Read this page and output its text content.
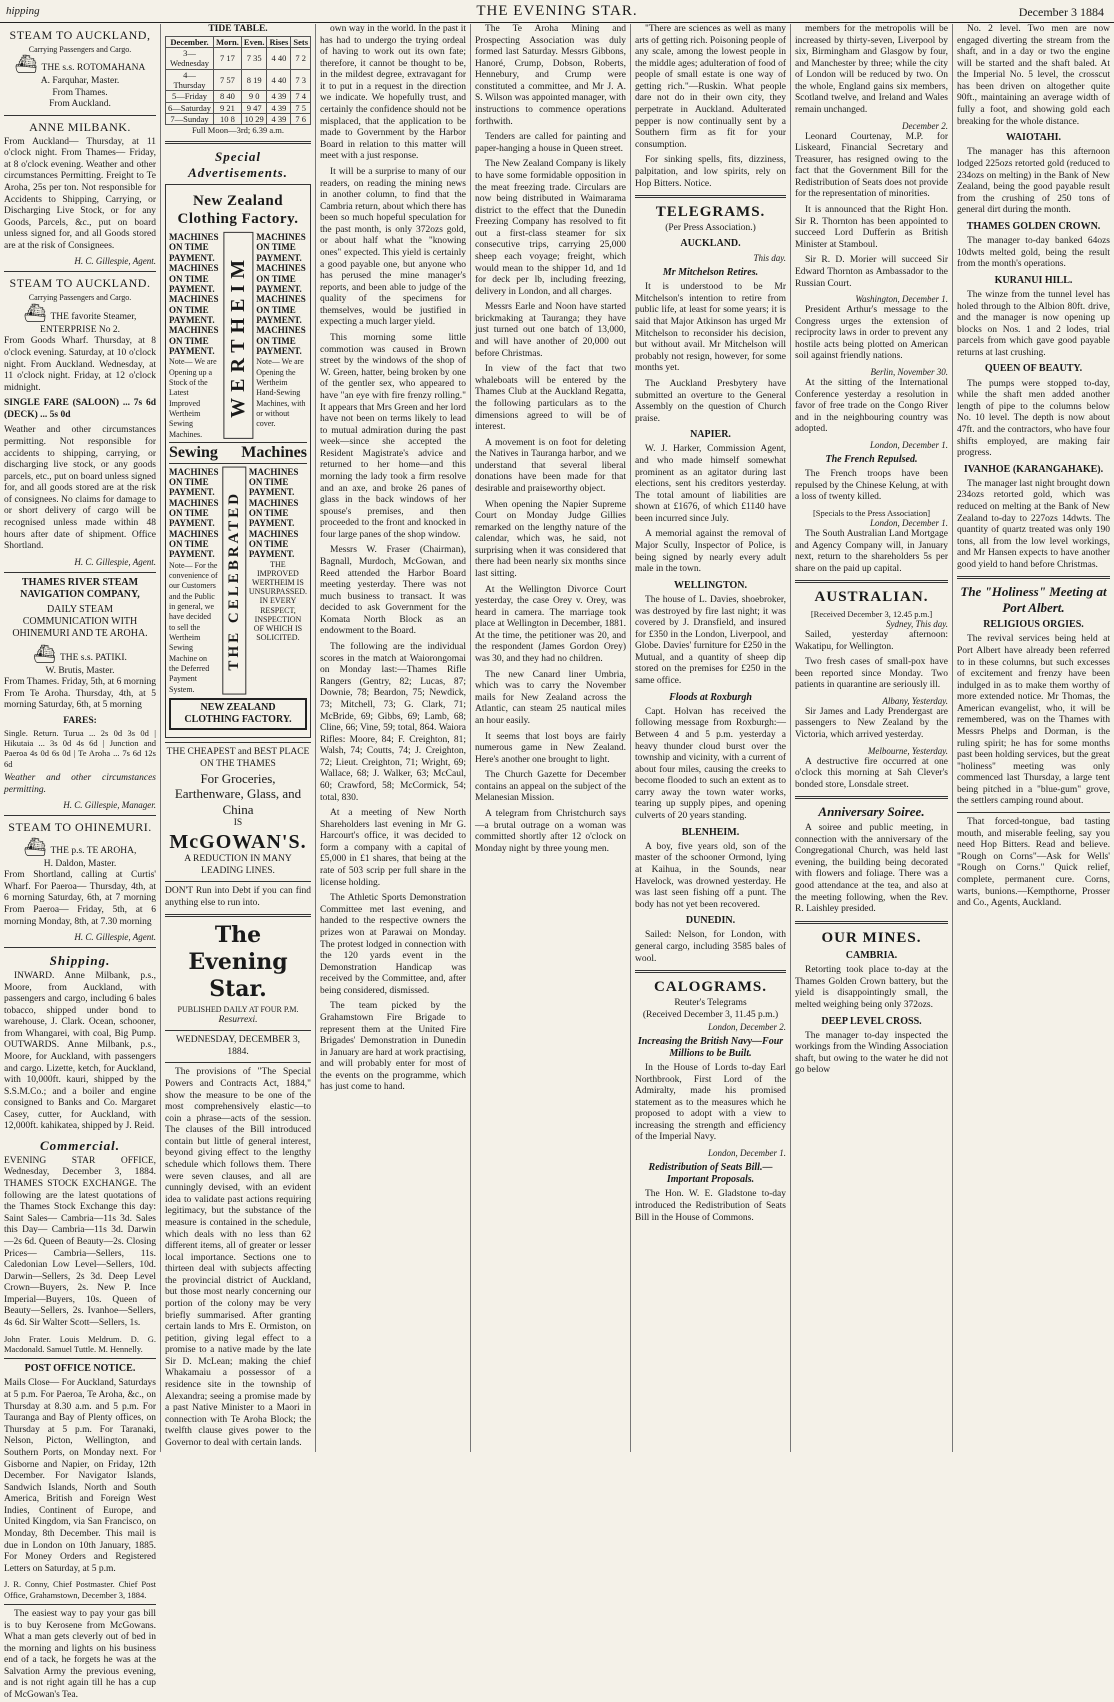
hipping	THE EVENING STAR.	December 3 1884
STEAM TO AUCKLAND,
Carrying Passengers and Cargo.
⛴ THE s.s. ROTOMAHANA
A. Farquhar, Master.
From Thames.
From Auckland.
ANNE MILBANK.

From Auckland— Thursday, at 11 o'clock night. From Thames— Friday, at 8 o'clock evening. Weather and other circumstances Permitting. Freight to Te Aroha, 25s per ton. Not responsible for Accidents to Shipping, Carrying, or Discharging Live Stock, or for any Goods, Parcels, &c., put on board unless signed for, and all Goods stored are at the risk of Consignees.

H. C. Gillespie, Agent.
STEAM TO AUCKLAND.
Carrying Passengers and Cargo.
⛴ THE favorite Steamer, ENTERPRISE No 2.

From Goods Wharf. Thursday, at 8 o'clock evening. Saturday, at 10 o'clock night. From Auckland. Wednesday, at 11 o'clock night. Friday, at 12 o'clock midnight.

SINGLE FARE (SALOON) ... 7s 6d (DECK) ... 5s 0d

Weather and other circumstances permitting. Not responsible for accidents to shipping, carrying, or discharging live stock, or any goods parcels, etc., put on board unless signed for, and all goods stored are at the risk of consignees. No claims for damage to or short delivery of cargo will be recognised unless made within 48 hours after date of shipment. Office Shortland.

H. C. Gillespie, Agent.
THAMES RIVER STEAM NAVIGATION COMPANY,
DAILY STEAM COMMUNICATION WITH OHINEMURI AND TE AROHA.
⛴ THE s.s. PATIKI.
W. Brutis, Master.

From Thames. Friday, 5th, at 6 morning From Te Aroha. Thursday, 4th, at 5 morning Saturday, 6th, at 5 morning

FARES:

Single. Return. Turua ... 2s 0d 3s 0d | Hikutaia ... 3s 0d 4s 6d | Junction and Paeroa 4s 0d 6s 0d | Te Aroha ... 7s 6d 12s 6d

Weather and other circumstances permitting.

H. C. Gillespie, Manager.
STEAM TO OHINEMURI.
⛴ THE p.s. TE AROHA,
H. Daldon, Master.

From Shortland, calling at Curtis' Wharf. For Paeroa— Thursday, 4th, at 6 morning Saturday, 6th, at 7 morning From Paeroa— Friday, 5th, at 6 morning Monday, 8th, at 7.30 morning

H. C. Gillespie, Agent.
Shipping.

INWARD. Anne Milbank, p.s., Moore, from Auckland, with passengers and cargo, including 6 bales tobacco, shipped under bond to warehouse, J. Clark. Ocean, schooner, from Whangarei, with coal, Big Pump. OUTWARDS. Anne Milbank, p.s., Moore, for Auckland, with passengers and cargo. Lizette, ketch, for Auckland, with 10,000ft. kauri, shipped by the S.S.M.Co.; and a boiler and engine consigned to Banks and Co. Margaret Casey, cutter, for Auckland, with 12,000ft. kahikatea, shipped by J. Reid.

Commercial.

EVENING STAR OFFICE, Wednesday, December 3, 1884. THAMES STOCK EXCHANGE. The following are the latest quotations of the Thames Stock Exchange this day: Saint Sales— Cambria—11s 3d. Sales this Day— Cambria—11s 3d. Darwin—2s 6d. Queen of Beauty—2s. Closing Prices— Cambria—Sellers, 11s. Caledonian Low Level—Sellers, 10d. Darwin—Sellers, 2s 3d. Deep Level Crown—Buyers, 2s. New P. Ince Imperial—Buyers, 10s. Queen of Beauty—Sellers, 2s. Ivanhoe—Sellers, 4s 6d. Sir Walter Scott—Sellers, 1s.

John Frater. Louis Meldrum. D. G. Macdonald. Samuel Tuttle. M. Hennelly.

POST OFFICE NOTICE.

Mails Close— For Auckland, Saturdays at 5 p.m. For Paeroa, Te Aroha, &c., on Thursday at 8.30 a.m. and 5 p.m. For Tauranga and Bay of Plenty offices, on Thursday at 5 p.m. For Taranaki, Nelson, Picton, Wellington, and Southern Ports, on Monday next. For Gisborne and Napier, on Friday, 12th December. For Navigator Islands, Sandwich Islands, North and South America, British and Foreign West Indies, Continent of Europe, and United Kingdom, via San Francisco, on Monday, 8th December. This mail is due in London on 10th January, 1885. For Money Orders and Registered Letters on Saturday, at 5 p.m.

J. R. Conny, Chief Postmaster. Chief Post Office, Grahamstown, December 3, 1884.

The easiest way to pay your gas bill is to buy Kerosene from McGowans. What a man gets cleverly out of bed in the morning and lights on his business end of a tack, he forgets he was at the Salvation Army the previous evening, and is not right again till he has a cup of McGowan's Tea.

TIDE TABLE.
December.	Morn.	Even.	Rises	Sets
3—Wednesday	7 17	7 35	4 40	7 2
4—Thursday	7 57	8 19	4 40	7 3
5—Friday	8 40	9 0	4 39	7 4
6—Saturday	9 21	9 47	4 39	7 5
7—Sunday	10 8	10 29	4 39	7 6
Full Moon—3rd; 6.39 a.m.
Special Advertisements.
New Zealand Clothing Factory.
MACHINES ON TIME PAYMENT.
MACHINES ON TIME PAYMENT.
MACHINES ON TIME PAYMENT.
MACHINES ON TIME PAYMENT.
Note— We are Opening up a Stock of the Latest Improved Wertheim Sewing Machines.
WERTHEIM
MACHINES ON TIME PAYMENT.
MACHINES ON TIME PAYMENT.
MACHINES ON TIME PAYMENT.
MACHINES ON TIME PAYMENT.
Note— We are Opening the Wertheim Hand-Sewing Machines, with or without cover.
Sewing Machines
MACHINES ON TIME PAYMENT.
MACHINES ON TIME PAYMENT.
MACHINES ON TIME PAYMENT.
Note— For the convenience of our Customers and the Public in general, we have decided to sell the Wertheim Sewing Machine on the Deferred Payment System.
THE CELEBRATED
MACHINES ON TIME PAYMENT.
MACHINES ON TIME PAYMENT.
MACHINES ON TIME PAYMENT.
THE IMPROVED WERTHEIM IS UNSURPASSED. IN EVERY RESPECT, INSPECTION OF WHICH IS SOLICITED.
NEW ZEALAND CLOTHING FACTORY.
THE CHEAPEST and BEST PLACE ON THE THAMES
For Groceries, Earthenware, Glass, and China
IS
McGOWAN'S.
A REDUCTION IN MANY LEADING LINES.

DON'T Run into Debt if you can find anything else to run into.

The Evening Star.
PUBLISHED DAILY AT FOUR P.M.
Resurrexi.
WEDNESDAY, DECEMBER 3, 1884.

The provisions of "The Special Powers and Contracts Act, 1884," show the measure to be one of the most comprehensively elastic—to coin a phrase—acts of the session. The clauses of the Bill introduced contain but little of general interest, beyond giving effect to the lengthy schedule which follows them. There were seven clauses, and all are cunningly devised, with an evident idea to validate past actions requiring legitimacy, but the substance of the measure is contained in the schedule, which deals with no less than 62 different items, all of greater or lesser local importance. Sections one to thirteen deal with subjects affecting the provincial district of Auckland, but those most nearly concerning our portion of the colony may be very briefly summarised. After granting certain lands to Mrs E. Ormiston, on petition, giving legal effect to a promise to a native made by the late Sir D. McLean; making the chief Whakamaiu a possessor of a residence site in the township of Alexandra; seeing a promise made by a past Native Minister to a Maori in connection with Te Aroha Block; the twelfth clause gives power to the Governor to deal with certain lands.

own way in the world. In the past it has had to undergo the trying ordeal of having to work out its own fate; therefore, it cannot be thought to be, in the mildest degree, extravagant for it to put in a request in the direction we indicate. We hopefully trust, and certainly the confidence should not be misplaced, that the application to be made to Government by the Harbor Board in relation to this matter will meet with a just response.

It will be a surprise to many of our readers, on reading the mining news in another column, to find that the Cambria return, about which there has been so much hopeful speculation for the past month, is only 372ozs gold, or about half what the "knowing ones" expected. This yield is certainly a good payable one, but anyone who has perused the mine manager's reports, and been able to judge of the quality of the specimens for themselves, would be justified in expecting a much larger yield.

This morning some little commotion was caused in Brown street by the windows of the shop of W. Green, hatter, being broken by one of the gentler sex, who appeared to have "an eye with fire frenzy rolling." It appears that Mrs Green and her lord have not been on terms likely to lead to mutual admiration during the past week—since she accepted the Resident Magistrate's advice and returned to her home—and this morning the lady took a firm resolve and an axe, and broke 26 panes of glass in the back windows of her spouse's premises, and then proceeded to the front and knocked in four large panes of the shop window.

Messrs W. Fraser (Chairman), Bagnall, Murdoch, McGowan, and Reed attended the Harbor Board meeting yesterday. There was not much business to transact. It was decided to ask Government for the Komata North Block as an endowment to the Board.

The following are the individual scores in the match at Waiorongomai on Monday last:—Thames Rifle Rangers (Gentry, 82; Lucas, 87; Downie, 78; Beardon, 75; Newdick, 73; Mitchell, 73; G. Clark, 71; McBride, 69; Gibbs, 69; Lamb, 68; Cline, 66; Vine, 59; total, 864. Waiora Rifles: Moore, 84; F. Creighton, 81; Walsh, 74; Coutts, 74; J. Creighton, 72; Lieut. Creighton, 71; Wright, 69; Wallace, 68; J. Walker, 63; McCaul, 60; Crawford, 58; McCormick, 54; total, 830.

At a meeting of New North Shareholders last evening in Mr G. Harcourt's office, it was decided to form a company with a capital of £5,000 in £1 shares, that being at the rate of 503 scrip per full share in the license holding.

The Athletic Sports Demonstration Committee met last evening, and handed to the respective owners the prizes won at Parawai on Monday. The protest lodged in connection with the 120 yards event in the Demonstration Handicap was received by the Committee, and, after being considered, dismissed.

The team picked by the Grahamstown Fire Brigade to represent them at the United Fire Brigades' Demonstration in Dunedin in January are hard at work practising, and will probably enter for most of the events on the programme, which has just come to hand.

The Te Aroha Mining and Prospecting Association was duly formed last Saturday. Messrs Gibbons, Hanoré, Crump, Dobson, Roberts, Hennebury, and Crump were constituted a committee, and Mr J. A. S. Wilson was appointed manager, with instructions to commence operations forthwith.

Tenders are called for painting and paper-hanging a house in Queen street.

The New Zealand Company is likely to have some formidable opposition in the meat freezing trade. Circulars are now being distributed in Waimarama district to the effect that the Dunedin Freezing Company has resolved to fit out a first-class steamer for six consecutive trips, carrying 25,000 sheep each voyage; freight, which would mean to the shipper 1d, and 1d for deck per lb, including freezing, delivery in London, and all charges.

Messrs Earle and Noon have started brickmaking at Tauranga; they have just turned out one batch of 13,000, and will have another of 20,000 out before Christmas.

In view of the fact that two whaleboats will be entered by the Thames Club at the Auckland Regatta, the following particulars as to the dimensions agreed to will be of interest.

A movement is on foot for deleting the Natives in Tauranga harbor, and we understand that several liberal donations have been made for that desirable and praiseworthy object.

When opening the Napier Supreme Court on Monday Judge Gillies remarked on the lengthy nature of the calendar, which was, he said, not surprising when it was considered that there had been nearly six months since last sitting.

At the Wellington Divorce Court yesterday, the case Orey v. Orey, was heard in camera. The marriage took place at Wellington in December, 1881. At the time, the petitioner was 20, and the respondent (James Gordon Orey) was 30, and they had no children.

The new Canard liner Umbria, which was to carry the November mails for New Zealand across the Atlantic, can steam 25 nautical miles an hour easily.

It seems that lost boys are fairly numerous game in New Zealand. Here's another one brought to light.

The Church Gazette for December contains an appeal on the subject of the Melanesian Mission.

A telegram from Christchurch says—a brutal outrage on a woman was committed shortly after 12 o'clock on Monday night by three young men.

"There are sciences as well as many arts of getting rich. Poisoning people of any scale, among the lowest people in the middle ages; adulteration of food of people of small estate is one way of getting rich."—Ruskin. What people dare not do in their own city, they perpetrate in Auckland. Adulterated pepper is now continually sent by a Southern firm as fit for your consumption.

For sinking spells, fits, dizziness, palpitation, and low spirits, rely on Hop Bitters. Notice.

TELEGRAMS.
(Per Press Association.)
AUCKLAND.
This day.
Mr Mitchelson Retires.

It is understood to be Mr Mitchelson's intention to retire from public life, at least for some years; it is said that Major Atkinson has urged Mr Mitchelson to reconsider his decision, but without avail. Mr Mitchelson will probably not resign, however, for some months yet.

The Auckland Presbytery have submitted an overture to the General Assembly on the question of Church praise.

NAPIER.

W. J. Harker, Commission Agent, and who made himself somewhat prominent as an agitator during last elections, sent his creditors yesterday. The total amount of liabilities are shown at £1676, of which £1140 have been incurred since July.

A memorial against the removal of Major Scully, Inspector of Police, is being signed by nearly every adult male in the town.

WELLINGTON.

The house of L. Davies, shoebroker, was destroyed by fire last night; it was covered by J. Dransfield, and insured for £350 in the London, Liverpool, and Globe. Davies' furniture for £250 in the Mutual, and a quantity of sheep dip stored on the premises for £250 in the same office.

Floods at Roxburgh

Capt. Holvan has received the following message from Roxburgh:—Between 4 and 5 p.m. yesterday a heavy thunder cloud burst over the township and vicinity, with a current of about four miles, causing the creeks to become flooded to such an extent as to carry away the town water works, tearing up supply pipes, and opening culverts of 20 years standing.

BLENHEIM.

A boy, five years old, son of the master of the schooner Ormond, lying at Kaihua, in the Sounds, near Havelock, was drowned yesterday. He was last seen fishing off a punt. The body has not yet been recovered.

DUNEDIN.

Sailed: Nelson, for London, with general cargo, including 3585 bales of wool.

CALOGRAMS.
Reuter's Telegrams
(Received December 3, 11.45 p.m.)
London, December 2.
Increasing the British Navy—Four Millions to be Built.

In the House of Lords to-day Earl Northbrook, First Lord of the Admiralty, made his promised statement as to the measures which he proposed to adopt with a view to increasing the strength and efficiency of the Imperial Navy.

London, December 1.
Redistribution of Seats Bill.—Important Proposals.

The Hon. W. E. Gladstone to-day introduced the Redistribution of Seats Bill in the House of Commons.

members for the metropolis will be increased by thirty-seven, Liverpool by six, Birmingham and Glasgow by four, and Manchester by three; while the city of London will be reduced by two. On the whole, England gains six members, Scotland twelve, and Ireland and Wales remain unchanged.

December 2.

Leonard Courtenay, M.P. for Liskeard, Financial Secretary and Treasurer, has resigned owing to the fact that the Government Bill for the Redistribution of Seats does not provide for the representation of minorities.

It is announced that the Right Hon. Sir R. Thornton has been appointed to succeed Lord Dufferin as British Minister at Stamboul.

Sir R. D. Morier will succeed Sir Edward Thornton as Ambassador to the Russian Court.

Washington, December 1.

President Arthur's message to the Congress urges the extension of reciprocity laws in order to prevent any hostile acts being plotted on American soil against friendly nations.

Berlin, November 30.

At the sitting of the International Conference yesterday a resolution in favor of free trade on the Congo River and in the neighbouring country was adopted.

London, December 1.
The French Repulsed.

The French troops have been repulsed by the Chinese Kelung, at with a loss of twenty killed.

[Specials to the Press Association]
London, December 1.

The South Australian Land Mortgage and Agency Company will, in January next, return to the shareholders 5s per share on the paid up capital.

AUSTRALIAN.
[Received December 3, 12.45 p.m.]
Sydney, This day.

Sailed, yesterday afternoon: Wakatipu, for Wellington.

Two fresh cases of small-pox have been reported since Monday. Two patients in quarantine are seriously ill.

Albany, Yesterday.

Sir James and Lady Prendergast are passengers to New Zealand by the Victoria, which arrived yesterday.

Melbourne, Yesterday.

A destructive fire occurred at one o'clock this morning at Sah Clever's bonded store, Lonsdale street.

Anniversary Soiree.

A soiree and public meeting, in connection with the anniversary of the Congregational Church, was held last evening, the building being decorated with flowers and foliage. There was a good attendance at the tea, and also at the meeting following, when the Rev. R. Laishley presided.

OUR MINES.
CAMBRIA.

Retorting took place to-day at the Thames Golden Crown battery, but the yield is disappointingly small, the melted weighing being only 372ozs.

DEEP LEVEL CROSS.

The manager to-day inspected the workings from the Winding Association shaft, but owing to the water he did not go below

No. 2 level. Two men are now engaged diverting the stream from the shaft, and in a day or two the engine will be started and the shaft baled. At the Imperial No. 5 level, the crosscut has been driven on altogether quite 90ft., maintaining an average width of fully a foot, and showing gold each breaking for the whole distance.

WAIOTAHI.

The manager has this afternoon lodged 225ozs retorted gold (reduced to 234ozs on melting) in the Bank of New Zealand, being the good payable result from the crushing of 250 tons of general dirt during the month.

THAMES GOLDEN CROWN.

The manager to-day banked 64ozs 10dwts melted gold, being the result from the month's operations.

KURANUI HILL.

The winze from the tunnel level has holed through to the Albion 80ft. drive, and the manager is now opening up blocks on Nos. 1 and 2 lodes, trial parcels from which gave good payable returns at last crushing.

QUEEN OF BEAUTY.

The pumps were stopped to-day, while the shaft men added another length of pipe to the columns below No. 10 level. The depth is now about 47ft. and the contractors, who have four shifts employed, are making fair progress.

IVANHOE (KARANGAHAKE).

The manager last night brought down 234ozs retorted gold, which was reduced on melting at the Bank of New Zealand to-day to 227ozs 14dwts. The quantity of quartz treated was only 190 tons, all from the low level workings, and Mr Hansen expects to have another good yield to hand before Christmas.

The "Holiness" Meeting at Port Albert.
RELIGIOUS ORGIES.

The revival services being held at Port Albert have already been referred to in these columns, but such excesses of excitement and frenzy have been indulged in as to make them worthy of more extended notice. Mr Thomas, the American evangelist, who, it will be remembered, was on the Thames with Messrs Phelps and Dorman, is the ruling spirit; he has for some months past been holding services, but the great "holiness" meeting was only commenced last Thursday, a large tent being pitched in a "blue-gum" grove, the settlers camping round about.

That forced-tongue, bad tasting mouth, and miserable feeling, say you need Hop Bitters. Read and believe. "Rough on Corns"—Ask for Wells' "Rough on Corns." Quick relief, complete, permanent cure. Corns, warts, bunions.—Kempthorne, Prosser and Co., Agents, Auckland.
